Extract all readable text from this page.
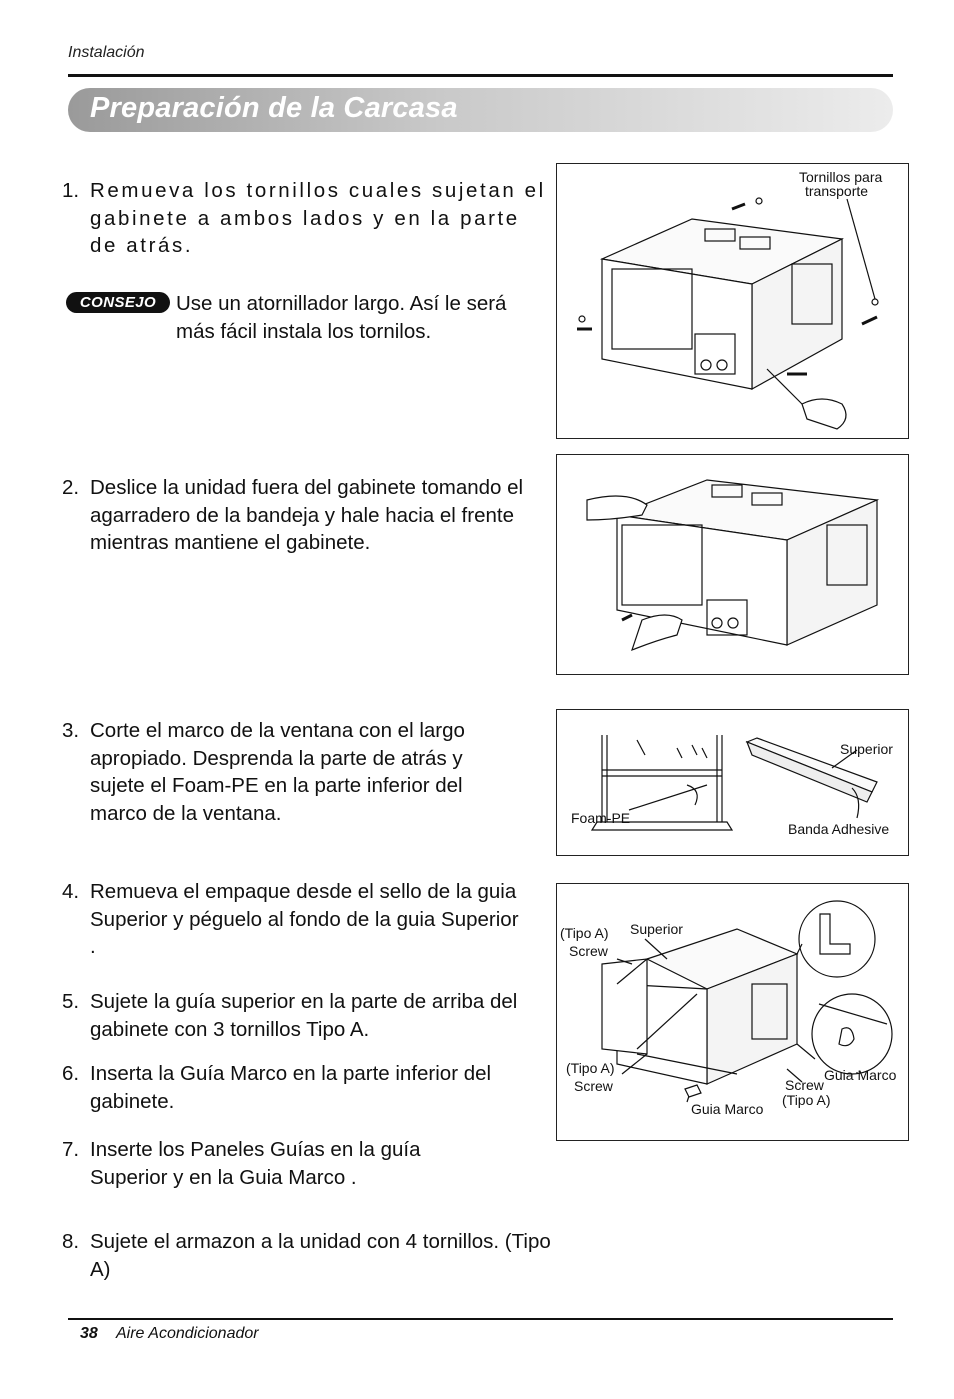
Instalación
Preparación de la Carcasa
1. Remueva los tornillos cuales sujetan el gabinete a ambos lados y en la parte de atrás.
CONSEJO Use un atornillador largo. Así le será más fácil instala los tornilos.
2. Deslice la unidad fuera del gabinete tomando el agarradero de la bandeja y hale hacia el frente mientras mantiene el gabinete.
3. Corte el marco de la ventana con el largo apropiado. Desprenda la parte de atrás y sujete el Foam-PE en la parte inferior del marco de la ventana.
4. Remueva el empaque desde el sello de la guia Superior y péguelo al fondo de la guia Superior .
5. Sujete la guía superior en la parte de arriba del gabinete con 3 tornillos Tipo A.
6. Inserta la Guía Marco en la parte inferior del gabinete.
7. Inserte los Paneles Guías en la guía Superior y en la Guia Marco .
8. Sujete el armazon a la unidad con 4 tornillos. (Tipo A)
Tornillos para
transporte
Superior
Foam-PE
Banda Adhesive
(Tipo A)
Screw
Superior
(Tipo A)
Screw	Screw
(Tipo A)
Guia Marco
Guia Marco
38 Aire Acondicionador
